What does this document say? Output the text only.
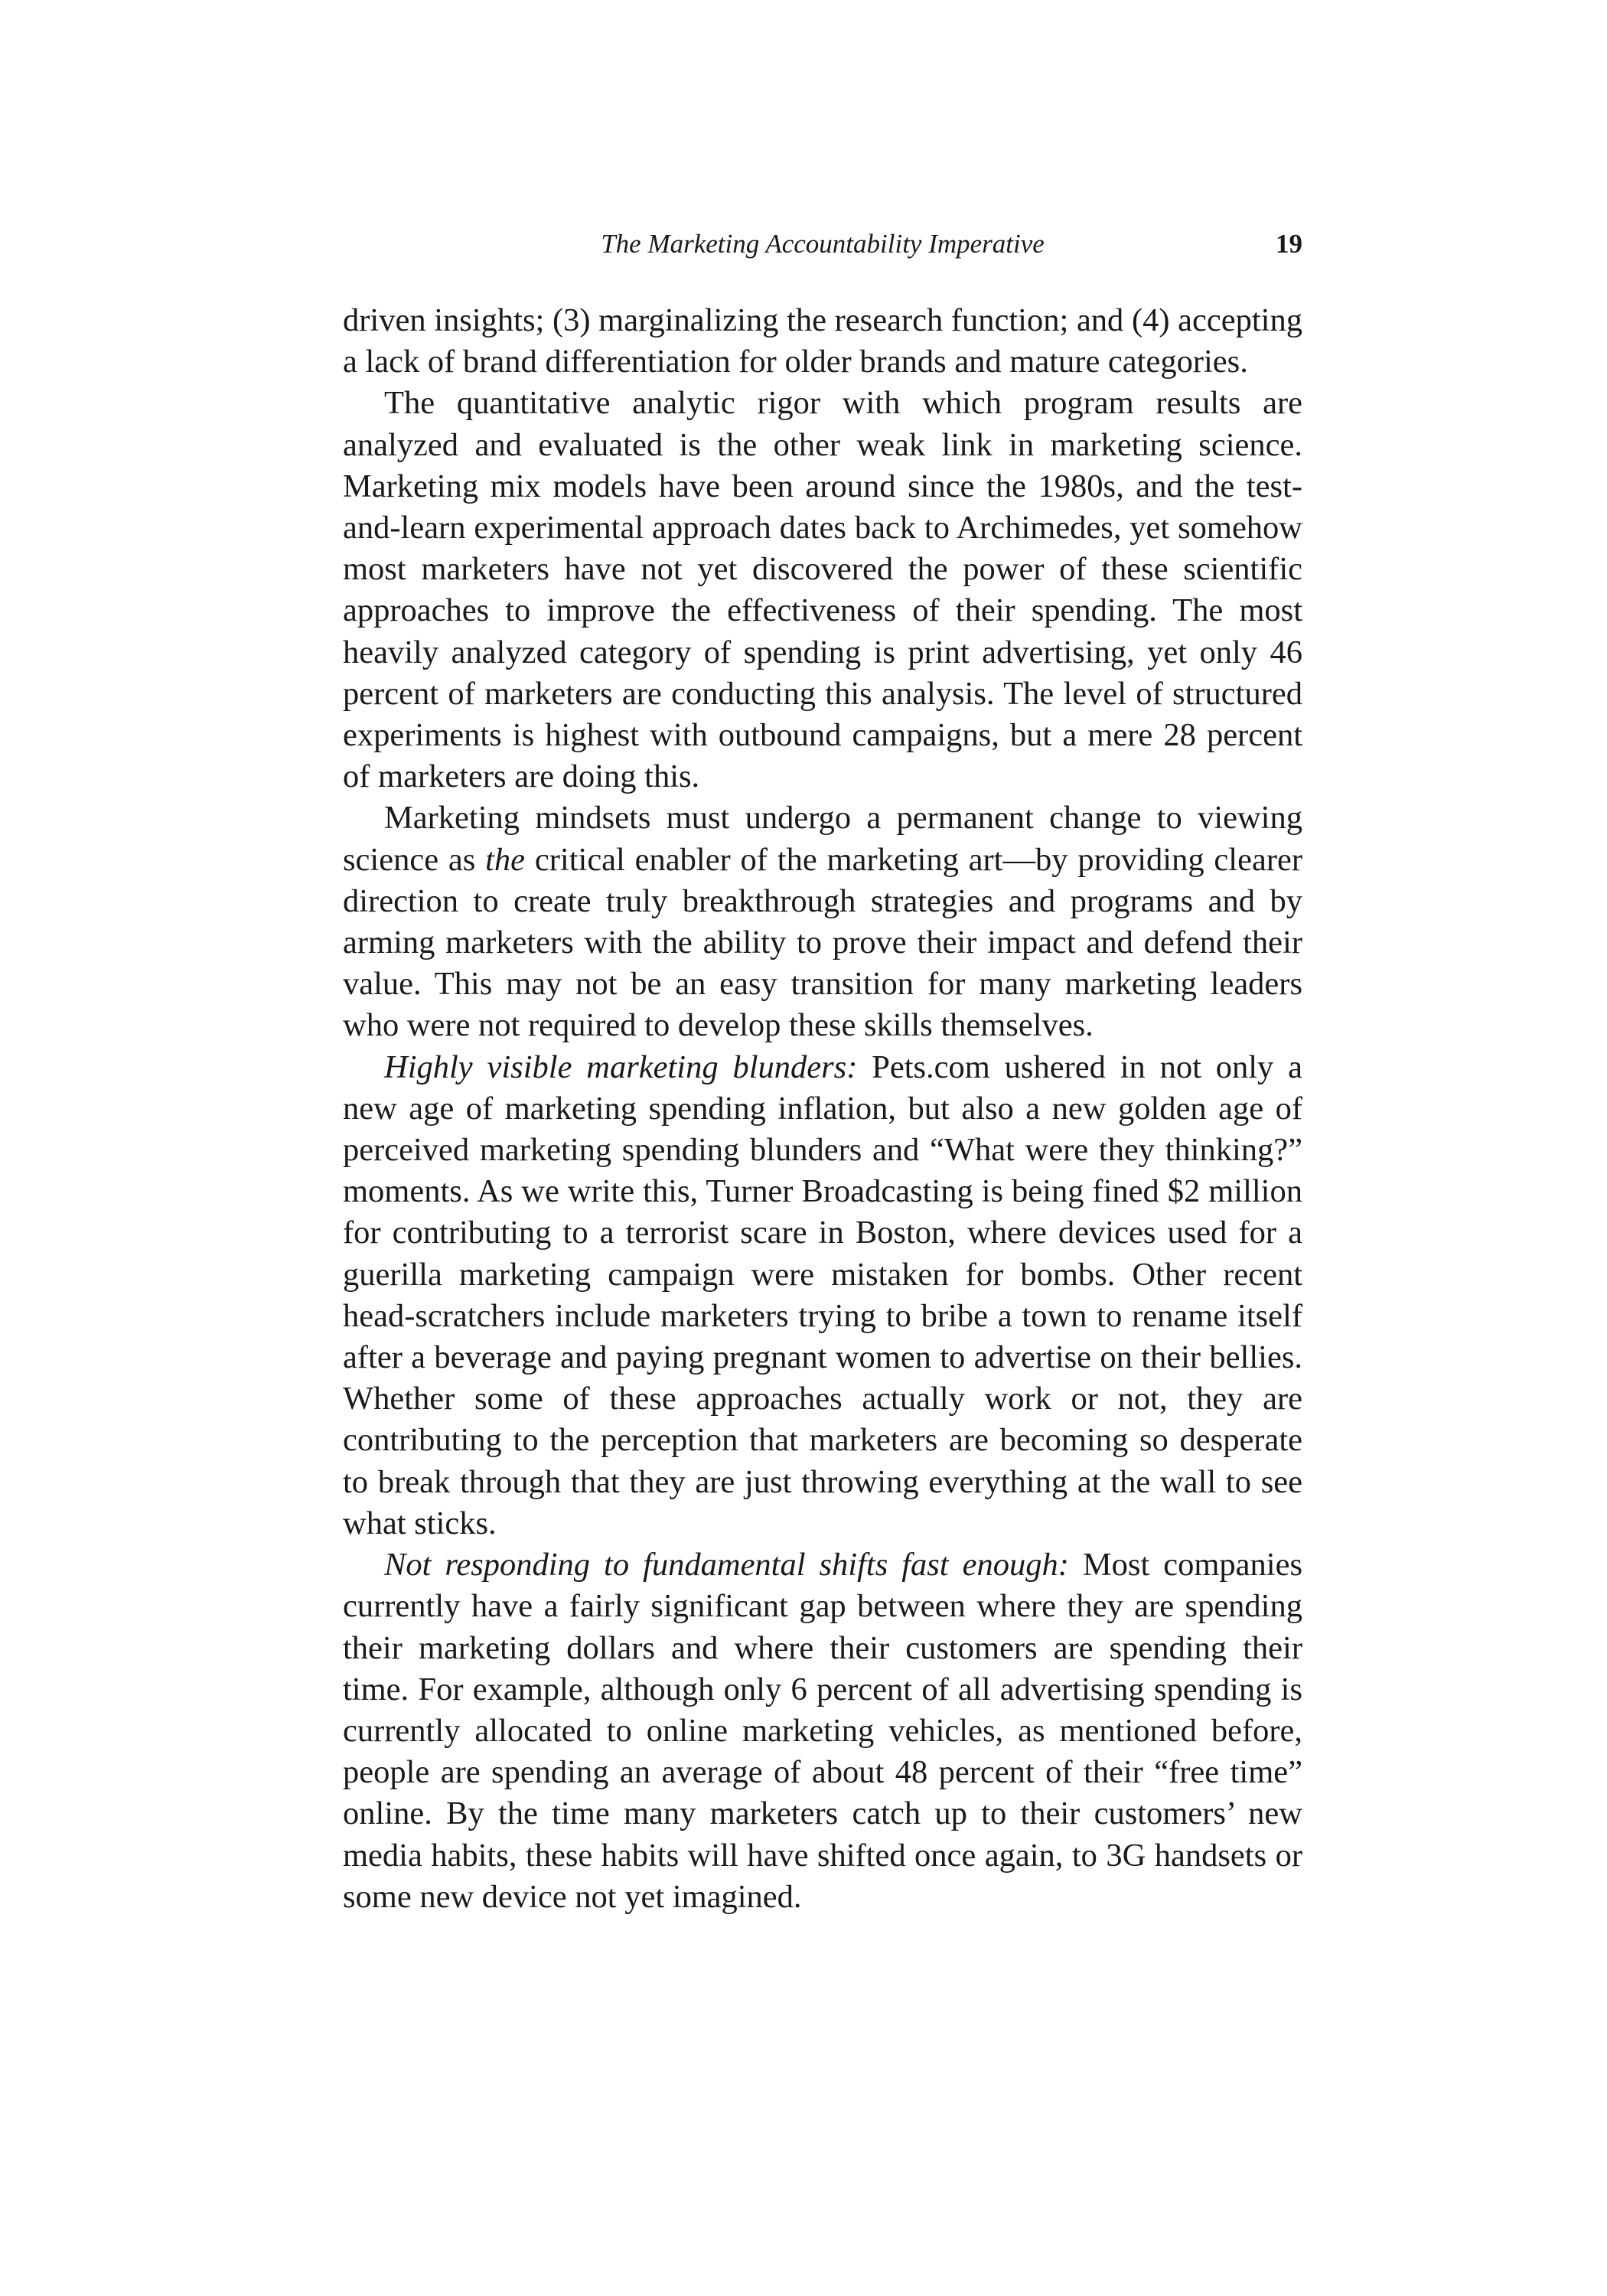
The Marketing Accountability Imperative	19

driven insights; (3) marginalizing the research function; and (4) accepting a lack of brand differentiation for older brands and mature categories.

The quantitative analytic rigor with which program results are analyzed and evaluated is the other weak link in marketing science. Marketing mix models have been around since the 1980s, and the test-and-learn experimental approach dates back to Archimedes, yet somehow most marketers have not yet discovered the power of these scientific approaches to improve the effectiveness of their spending. The most heavily analyzed category of spending is print advertising, yet only 46 percent of marketers are conducting this analysis. The level of structured experiments is highest with outbound campaigns, but a mere 28 percent of marketers are doing this.

Marketing mindsets must undergo a permanent change to viewing science as the critical enabler of the marketing art—by providing clearer direction to create truly breakthrough strategies and programs and by arming marketers with the ability to prove their impact and defend their value. This may not be an easy transition for many marketing leaders who were not required to develop these skills themselves.

Highly visible marketing blunders: Pets.com ushered in not only a new age of marketing spending inflation, but also a new golden age of perceived marketing spending blunders and “What were they thinking?” moments. As we write this, Turner Broadcasting is being fined $2 million for contributing to a terrorist scare in Boston, where devices used for a guerilla marketing campaign were mistaken for bombs. Other recent head-scratchers include marketers trying to bribe a town to rename itself after a beverage and paying pregnant women to advertise on their bellies. Whether some of these approaches actually work or not, they are contributing to the perception that marketers are becoming so desperate to break through that they are just throwing everything at the wall to see what sticks.

Not responding to fundamental shifts fast enough: Most companies currently have a fairly significant gap between where they are spending their marketing dollars and where their customers are spending their time. For example, although only 6 percent of all advertising spending is currently allocated to online marketing vehicles, as mentioned before, people are spending an average of about 48 percent of their “free time” online. By the time many marketers catch up to their customers’ new media habits, these habits will have shifted once again, to 3G handsets or some new device not yet imagined.
